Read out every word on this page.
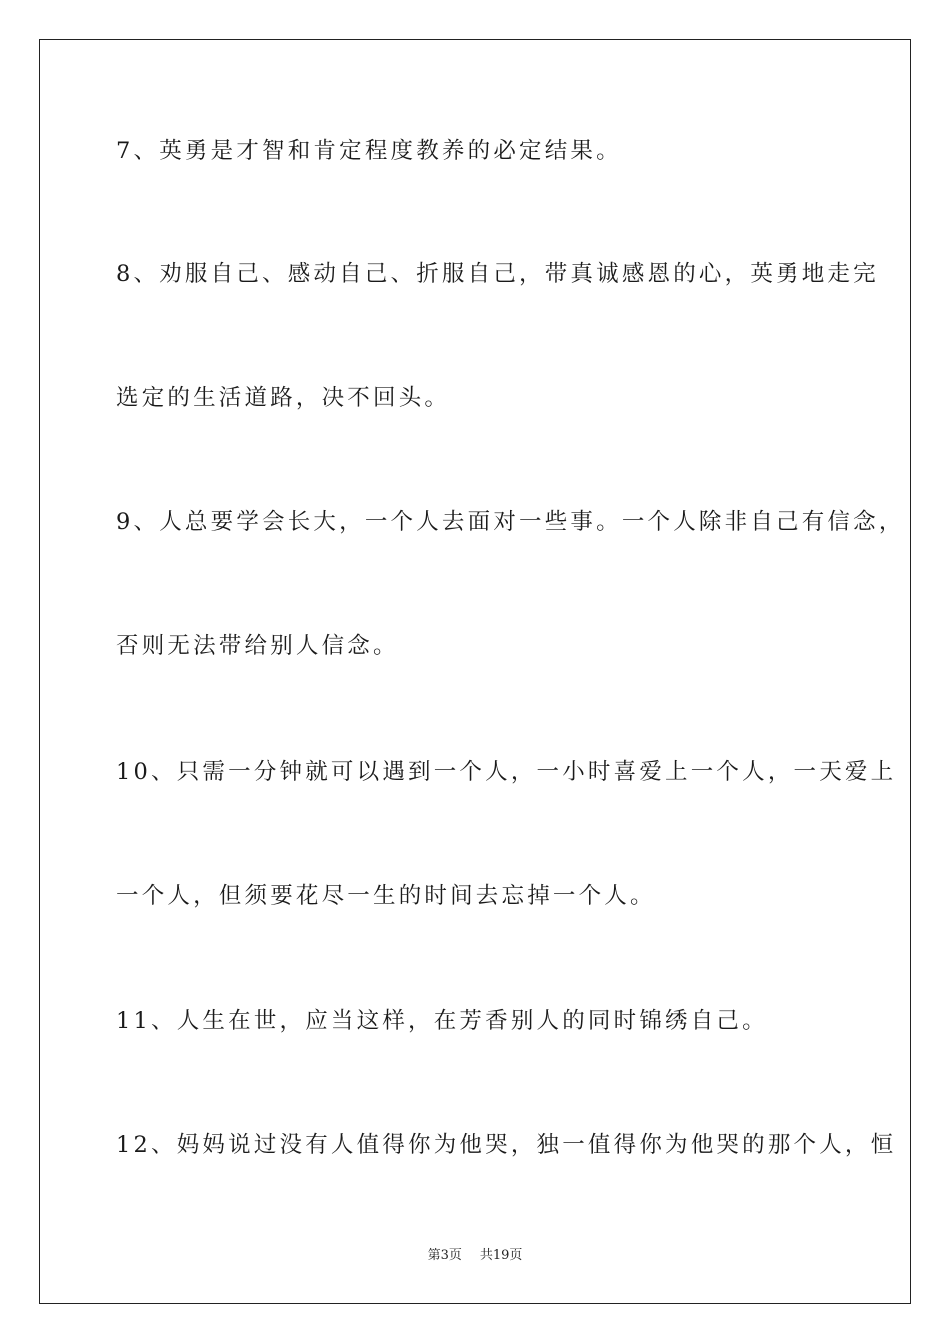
7、英勇是才智和肯定程度教养的必定结果。
8、劝服自己、感动自己、折服自己，带真诚感恩的心，英勇地走完
选定的生活道路，决不回头。
9、人总要学会长大，一个人去面对一些事。一个人除非自己有信念，
否则无法带给别人信念。
10、只需一分钟就可以遇到一个人，一小时喜爱上一个人，一天爱上
一个人，但须要花尽一生的时间去忘掉一个人。
11、人生在世，应当这样，在芳香别人的同时锦绣自己。
12、妈妈说过没有人值得你为他哭，独一值得你为他哭的那个人，恒
第3页 共19页
